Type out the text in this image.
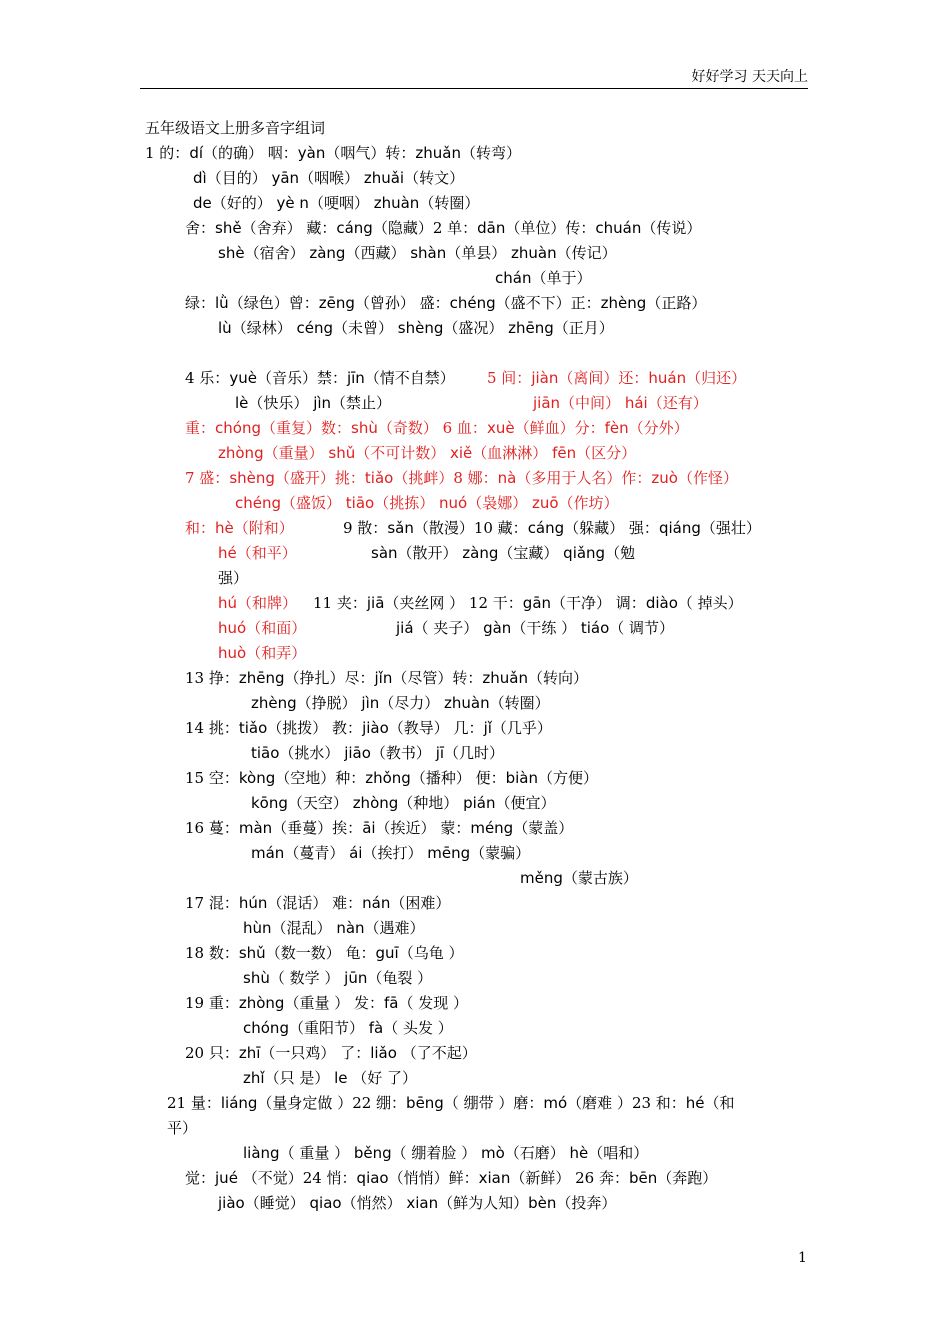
好好学习 天天向上
五年级语文上册多音字组词
1 的：dí（的确） 咽：yàn（咽气）转：zhuǎn（转弯）
dì（目的） yān（咽喉） zhuǎi（转文）
de（好的） yè n（哽咽） zhuàn（转圈）
舍：shě（舍弃） 藏：cáng（隐藏）2 单：dān（单位）传：chuán（传说）
shè（宿舍） zàng（西藏） shàn（单县） zhuàn（传记）
chán（单于）
绿：lǜ（绿色）曾：zēng（曾孙） 盛：chéng（盛不下）正：zhèng（正路）
lù（绿林） céng（未曾） shèng（盛况） zhēng（正月）
4 乐：yuè（音乐）禁：jīn（情不自禁） 5 间：jiàn（离间）还：huán（归还）
lè（快乐） jìn（禁止）	jiān（中间） hái（还有）
重：chóng（重复）数：shù（奇数） 6 血：xuè（鲜血）分：fèn（分外）
zhòng（重量） shǔ（不可计数） xiě（血淋淋） fēn（区分）
7 盛：shèng（盛开）挑：tiǎo（挑衅）8 娜：nà（多用于人名）作：zuò（作怪）
chéng（盛饭） tiāo（挑拣） nuó（袅娜） zuō（作坊）
和：hè（附和）	9 散：sǎn（散漫）10 藏：cáng（躲藏） 强：qiáng（强壮）
hé（和平）	sàn（散开） zàng（宝藏） qiǎng（勉
强）
hú（和牌） 11 夹：jiā（夹丝网 ） 12 干：gān（干净） 调：diào（ 掉头）
huó（和面）	jiá（ 夹子） gàn（干练 ） tiáo（ 调节）
huò（和弄）
13 挣：zhēng（挣扎）尽：jǐn（尽管）转：zhuǎn（转向）
zhèng（挣脱） jìn（尽力） zhuàn（转圈）
14 挑：tiǎo（挑拨） 教：jiào（教导） 几：jǐ（几乎）
tiāo（挑水） jiāo（教书） jī（几时）
15 空：kòng（空地）种：zhǒng（播种） 便：biàn（方便）
kōng（天空） zhòng（种地） pián（便宜）
16 蔓：màn（垂蔓）挨：āi（挨近） 蒙：méng（蒙盖）
mán（蔓青） ái（挨打） mēng（蒙骗）
měng（蒙古族）
17 混：hún（混话） 难：nán（困难）
hùn（混乱） nàn（遇难）
18 数：shǔ（数一数） 龟：guī（乌龟 ）
shù（ 数学 ） jūn（龟裂 ）
19 重：zhòng（重量 ） 发：fā（ 发现 ）
chóng（重阳节） fà（ 头发 ）
20 只：zhī（一只鸡） 了：liǎo （了不起）
zhǐ（只 是） le （好 了）
21 量：liáng（量身定做 ）22 绷：bēng（ 绷带 ）磨：mó（磨难 ）23 和：hé（和
平）
liàng（ 重量 ） běng（ 绷着脸 ） mò（石磨） hè（唱和）
觉：jué （不觉）24 悄：qiao（悄悄）鲜：xian（新鲜） 26 奔：bēn（奔跑）
jiào（睡觉） qiao（悄然） xian（鲜为人知）bèn（投奔）
1
